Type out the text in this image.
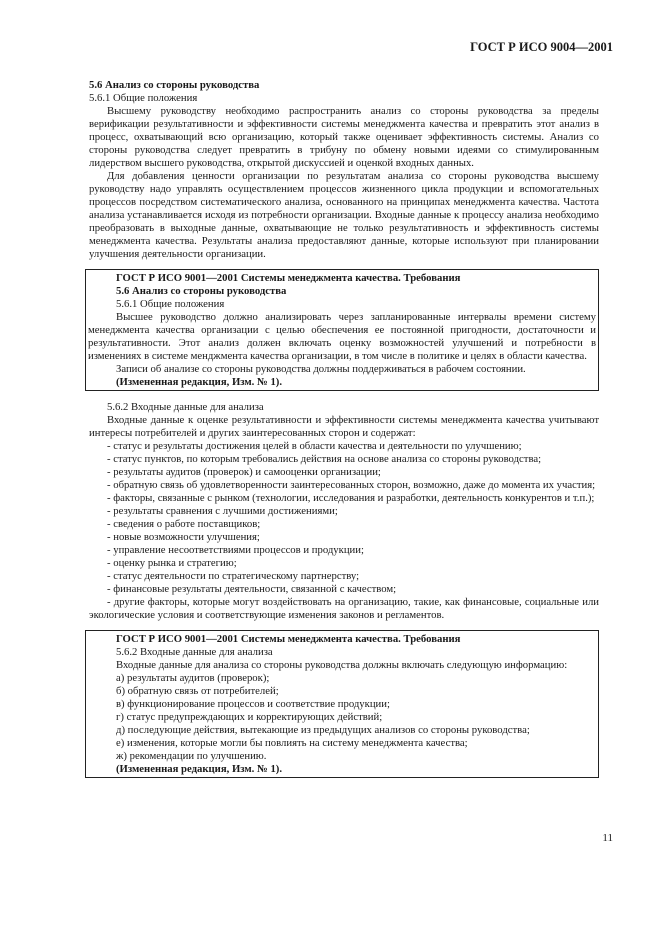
ГОСТ Р ИСО 9004—2001

5.6 Анализ со стороны руководства

5.6.1 Общие положения

Высшему руководству необходимо распространить анализ со стороны руководства за пределы верификации результативности и эффективности системы менеджмента качества и превратить этот анализ в процесс, охватывающий всю организацию, который также оценивает эффективность системы. Анализ со стороны руководства следует превратить в трибуну по обмену новыми идеями со стимулированным лидерством высшего руководства, открытой дискуссией и оценкой входных данных.

Для добавления ценности организации по результатам анализа со стороны руководства высшему руководству надо управлять осуществлением процессов жизненного цикла продукции и вспомогательных процессов посредством систематического анализа, основанного на принципах менеджмента качества. Частота анализа устанавливается исходя из потребности организации. Входные данные к процессу анализа необходимо преобразовать в выходные данные, охватывающие не только результативность и эффективность системы менеджмента качества. Результаты анализа предоставляют данные, которые используют при планировании улучшения деятельности организации.

ГОСТ Р ИСО 9001—2001 Системы менеджмента качества. Требования

5.6 Анализ со стороны руководства

5.6.1 Общие положения

Высшее руководство должно анализировать через запланированные интервалы времени систему менеджмента качества организации с целью обеспечения ее постоянной пригодности, достаточности и результативности. Этот анализ должен включать оценку возможностей улучшений и потребности в изменениях в системе менджмента качества организации, в том числе в политике и целях в области качества.

Записи об анализе со стороны руководства должны поддерживаться в рабочем состоянии.

(Измененная редакция, Изм. № 1).

5.6.2 Входные данные для анализа

Входные данные к оценке результативности и эффективности системы менеджмента качества учитывают интересы потребителей и других заинтересованных сторон и содержат:

- статус и результаты достижения целей в области качества и деятельности по улучшению;

- статус пунктов, по которым требовались действия на основе анализа со стороны руководства;

- результаты аудитов (проверок) и самооценки организации;

- обратную связь об удовлетворенности заинтересованных сторон, возможно, даже до момента их участия;

- факторы, связанные с рынком (технологии, исследования и разработки, деятельность конкурентов и т.п.);

- результаты сравнения с лучшими достижениями;

- сведения о работе поставщиков;

- новые возможности улучшения;

- управление несоответствиями процессов и продукции;

- оценку рынка и стратегию;

- статус деятельности по стратегическому партнерству;

- финансовые результаты деятельности, связанной с качеством;

- другие факторы, которые могут воздействовать на организацию, такие, как финансовые, социальные или экологические условия и соответствующие изменения законов и регламентов.

ГОСТ Р ИСО 9001—2001 Системы менеджмента качества. Требования

5.6.2 Входные данные для анализа

Входные данные для анализа со стороны руководства должны включать следующую информацию:

а) результаты аудитов (проверок);

б) обратную связь от потребителей;

в) функционирование процессов и соответствие продукции;

г) статус предупреждающих и корректирующих действий;

д) последующие действия, вытекающие из предыдущих анализов со стороны руководства;

е) изменения, которые могли бы повлиять на систему менеджмента качества;

ж) рекомендации по улучшению.

(Измененная редакция, Изм. № 1).

11
